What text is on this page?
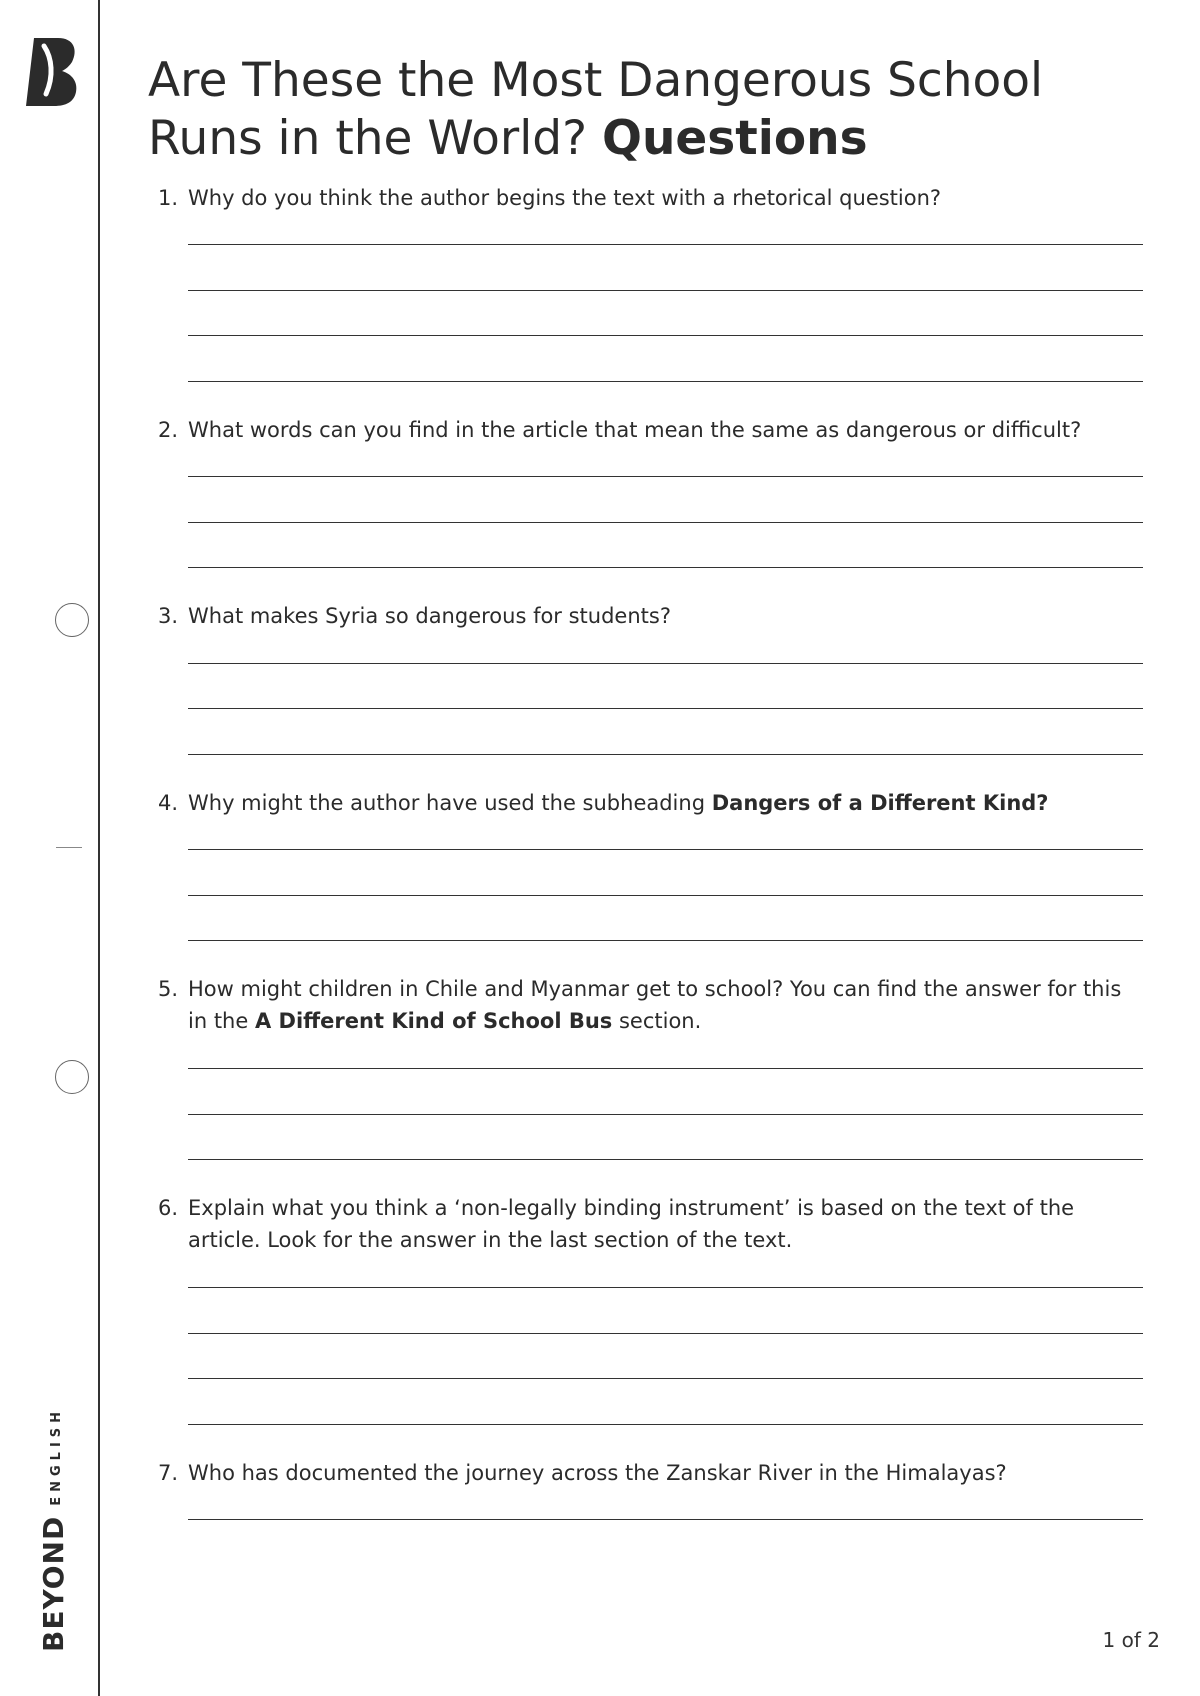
BEYONDENGLISH
Are These the Most Dangerous School Runs in the World? Questions
1. Why do you think the author begins the text with a rhetorical question?
2. What words can you find in the article that mean the same as dangerous or difficult?
3. What makes Syria so dangerous for students?
4. Why might the author have used the subheading Dangers of a Different Kind?
5. How might children in Chile and Myanmar get to school? You can find the answer for this in the A Different Kind of School Bus section.
6. Explain what you think a ‘non-legally binding instrument’ is based on the text of the article. Look for the answer in the last section of the text.
7. Who has documented the journey across the Zanskar River in the Himalayas?
1 of 2
